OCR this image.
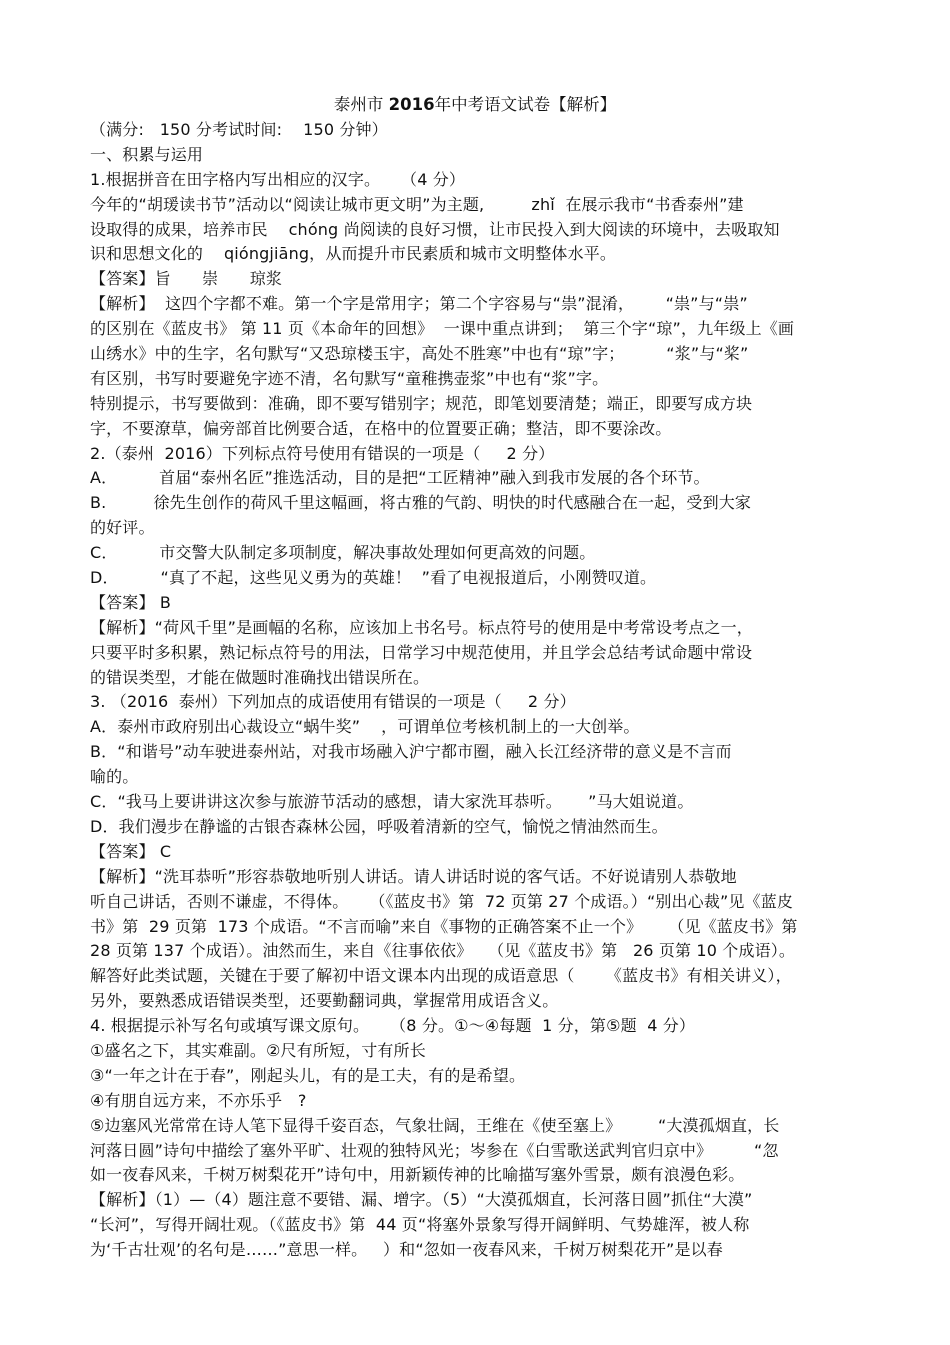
泰州市 2016年中考语文试卷【解析】
（满分:   150 分考试时间:    150 分钟）
一、积累与运用
1.根据拼音在田字格内写出相应的汉字。    （4 分）
今年的“胡瑗读书节”活动以“阅读让城市更文明”为主题,         zhǐ  在展示我市“书香泰州”建
设取得的成果，培养市民    chóng 尚阅读的良好习惯，让市民投入到大阅读的环境中，去吸取知
识和思想文化的    qióngjiāng，从而提升市民素质和城市文明整体水平。
【答案】旨      崇      琼浆
【解析】  这四个字都不难。第一个字是常用字；第二个字容易与“祟”混淆，      “祟”与“祟”
的区别在《蓝皮书》 第 11 页《本命年的回想》  一课中重点讲到；  第三个字“琼”，九年级上《画
山绣水》中的生字，名句默写“又恐琼楼玉宇，高处不胜寒”中也有“琼”字；        “浆”与“桨”
有区别，书写时要避免字迹不清，名句默写“童稚携壶浆”中也有“浆”字。
特别提示，书写要做到：准确，即不要写错别字；规范，即笔划要清楚；端正，即要写成方块
字，不要潦草，偏旁部首比例要合适，在格中的位置要正确；整洁，即不要涂改。
2.（泰州  2016）下列标点符号使用有错误的一项是（     2 分）
A．        首届“泰州名匠”推选活动，目的是把“工匠精神”融入到我市发展的各个环节。
B.         徐先生创作的荷风千里这幅画，将古雅的气韵、明快的时代感融合在一起，受到大家
的好评。
C．        市交警大队制定多项制度，解决事故处理如何更高效的问题。
D．        “真了不起，这些见义勇为的英雄！  ”看了电视报道后，小刚赞叹道。
【答案】 B
【解析】“荷风千里”是画幅的名称，应该加上书名号。标点符号的使用是中考常设考点之一，
只要平时多积累，熟记标点符号的用法，日常学习中规范使用，并且学会总结考试命题中常设
的错误类型，才能在做题时准确找出错误所在。
3. （2016  泰州）下列加点的成语使用有错误的一项是（     2 分）
A．泰州市政府别出心裁设立“蜗牛奖”    ，可谓单位考核机制上的一大创举。
B．“和谐号”动车驶进泰州站，对我市场融入沪宁都市圈，融入长江经济带的意义是不言而
喻的。
C．“我马上要讲讲这次参与旅游节活动的感想，请大家洗耳恭听。     ”马大姐说道。
D．我们漫步在静谧的古银杏森林公园，呼吸着清新的空气，愉悦之情油然而生。
【答案】 C
【解析】“洗耳恭听”形容恭敬地听别人讲话。请人讲话时说的客气话。不好说请别人恭敬地
听自己讲话，否则不谦虚，不得体。    （《蓝皮书》第  72 页第 27 个成语。）“别出心裁”见《蓝皮
书》第  29 页第  173 个成语。“不言而喻”来自《事物的正确答案不止一个》     （见《蓝皮书》第
28 页第 137 个成语）。油然而生，来自《往事依依》   （见《蓝皮书》第   26 页第 10 个成语）。
解答好此类试题，关键在于要了解初中语文课本内出现的成语意思（      《蓝皮书》有相关讲义），
另外，要熟悉成语错误类型，还要勤翻词典，掌握常用成语含义。
4. 根据提示补写名句或填写课文原句。    （8 分。①～④每题  1 分，第⑤题  4 分）
①盛名之下，其实难副。②尺有所短，寸有所长
③“一年之计在于春”，刚起头儿，有的是工夫，有的是希望。
④有朋自远方来，不亦乐乎   ?
⑤边塞风光常常在诗人笔下显得千姿百态，气象壮阔，王维在《使至塞上》       “大漠孤烟直，长
河落日圆”诗句中描绘了塞外平旷、壮观的独特风光；岑参在《白雪歌送武判官归京中》        “忽
如一夜春风来，千树万树梨花开”诗句中，用新颖传神的比喻描写塞外雪景，颇有浪漫色彩。
【解析】（1）—（4）题注意不要错、漏、增字。（5）“大漠孤烟直，长河落日圆”抓住“大漠”
“长河”，写得开阔壮观。（《蓝皮书》第  44 页“将塞外景象写得开阔鲜明、气势雄浑，被人称
为‘千古壮观’的名句是……”意思一样。   ）和“忽如一夜春风来，千树万树梨花开”是以春
